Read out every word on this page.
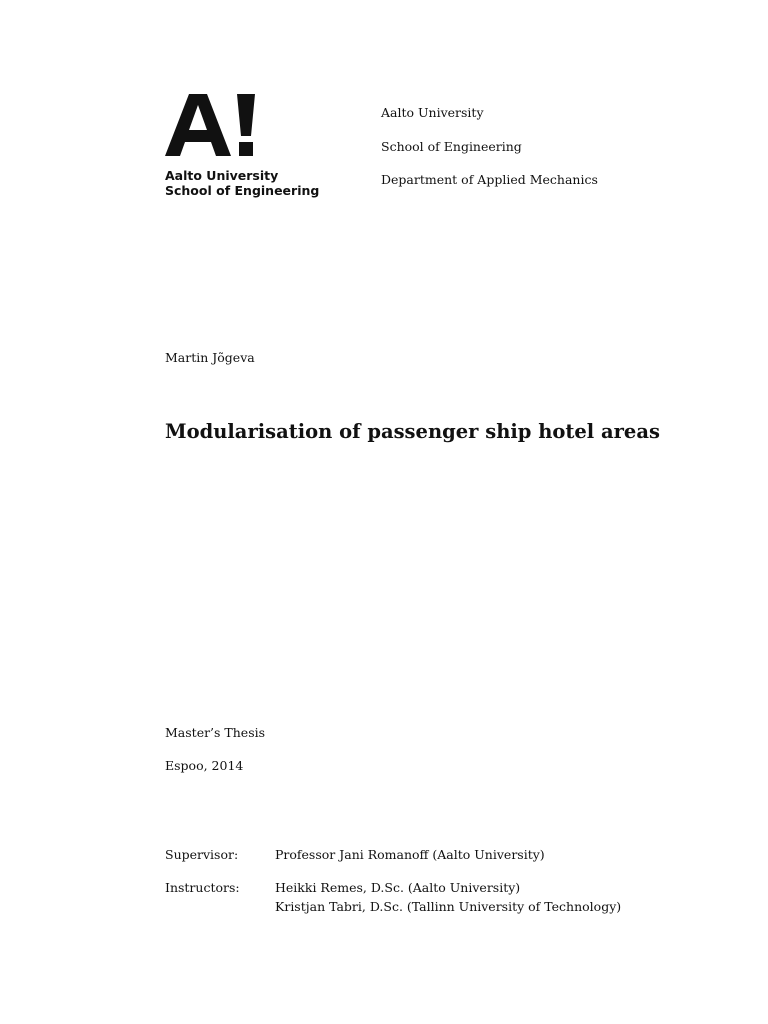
Aalto University
School of Engineering
Aalto University
School of Engineering
Department of Applied Mechanics
Martin Jõgeva
Modularisation of passenger ship hotel areas
Master’s Thesis
Espoo, 2014
Supervisor:	Professor Jani Romanoff (Aalto University)
Instructors:	Heikki Remes, D.Sc. (Aalto University)
Kristjan Tabri, D.Sc. (Tallinn University of Technology)
